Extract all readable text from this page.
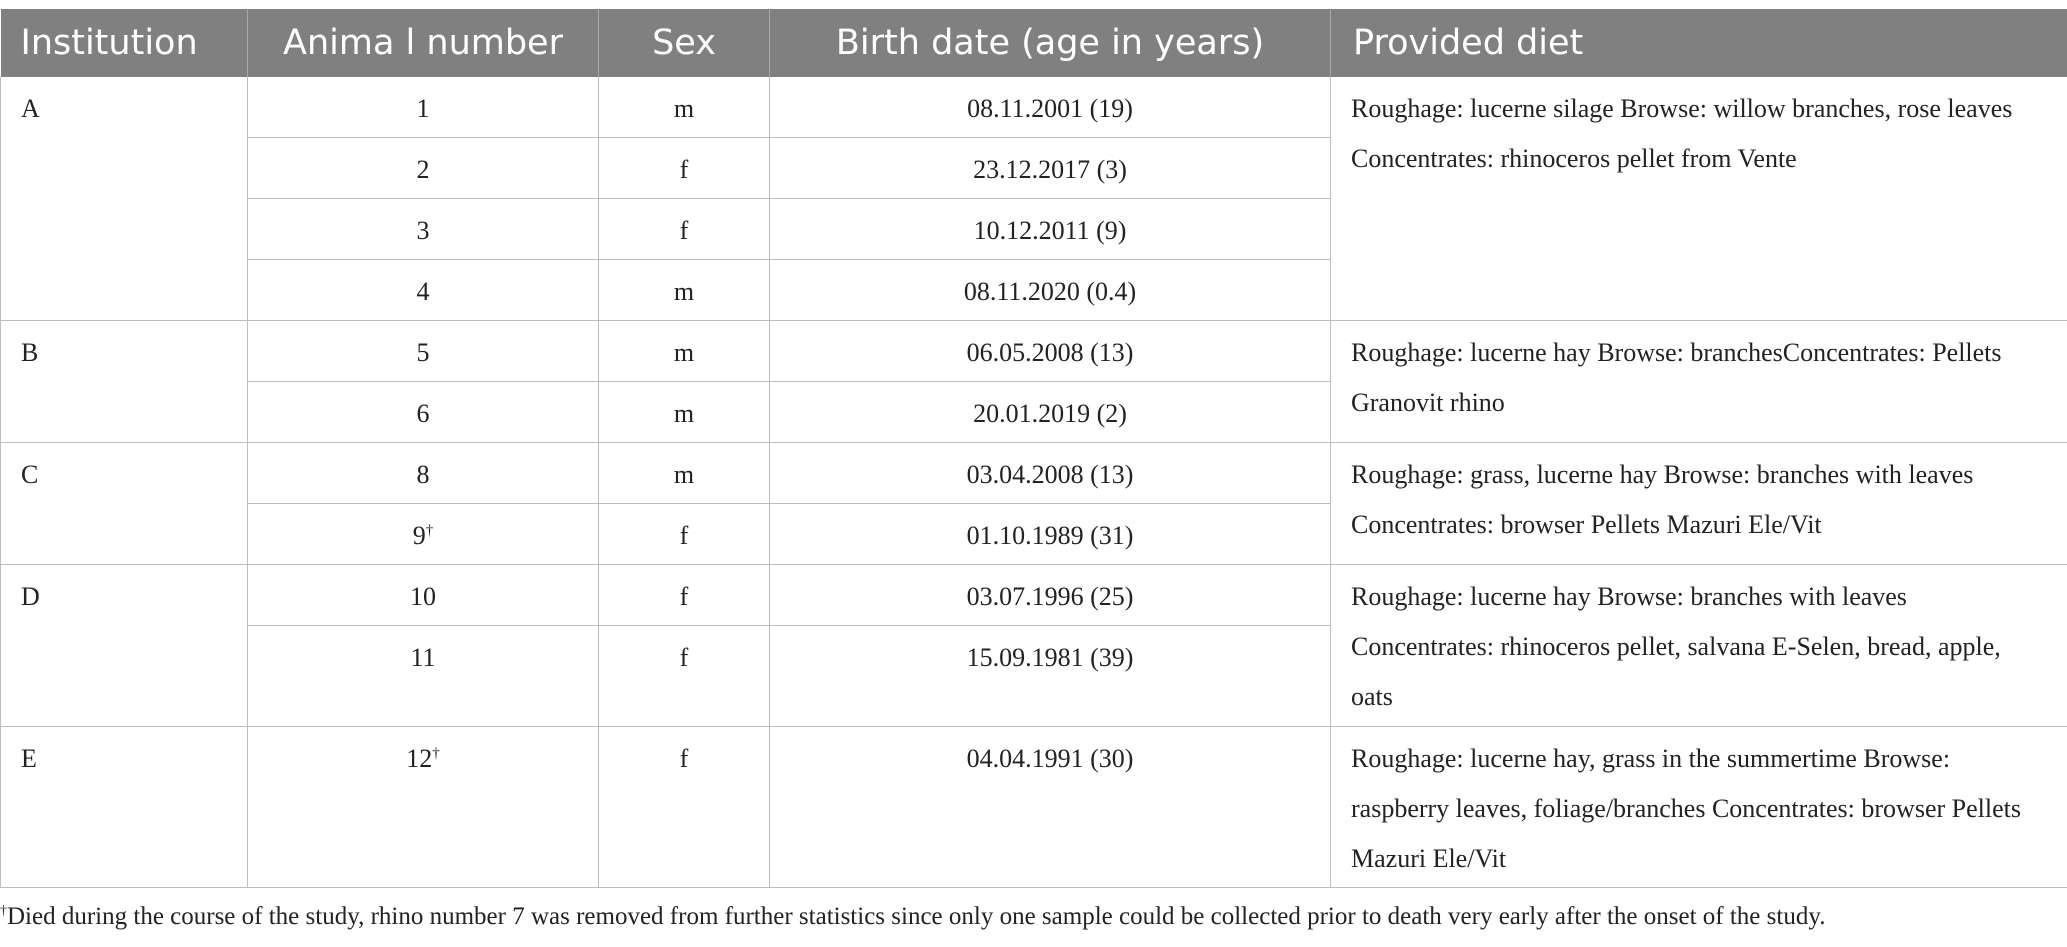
Institution	Anima l number	Sex	Birth date (age in years)	Provided diet
A	1	m	08.11.2001 (19)	Roughage: lucerne silage Browse: willow branches, rose leaves Concentrates: rhinoceros pellet from Vente
	2	f	23.12.2017 (3)	
	3	f	10.12.2011 (9)	
	4	m	08.11.2020 (0.4)	
B	5	m	06.05.2008 (13)	Roughage: lucerne hay Browse: branchesConcentrates: Pellets Granovit rhino
	6	m	20.01.2019 (2)	
C	8	m	03.04.2008 (13)	Roughage: grass, lucerne hay Browse: branches with leaves Concentrates: browser Pellets Mazuri Ele/Vit
	9†	f	01.10.1989 (31)	
D	10	f	03.07.1996 (25)	Roughage: lucerne hay Browse: branches with leaves Concentrates: rhinoceros pellet, salvana E-Selen, bread, apple, oats
	11	f	15.09.1981 (39)	
E	12†	f	04.04.1991 (30)	Roughage: lucerne hay, grass in the summertime Browse: raspberry leaves, foliage/branches Concentrates: browser Pellets Mazuri Ele/Vit
†Died during the course of the study, rhino number 7 was removed from further statistics since only one sample could be collected prior to death very early after the onset of the study.
